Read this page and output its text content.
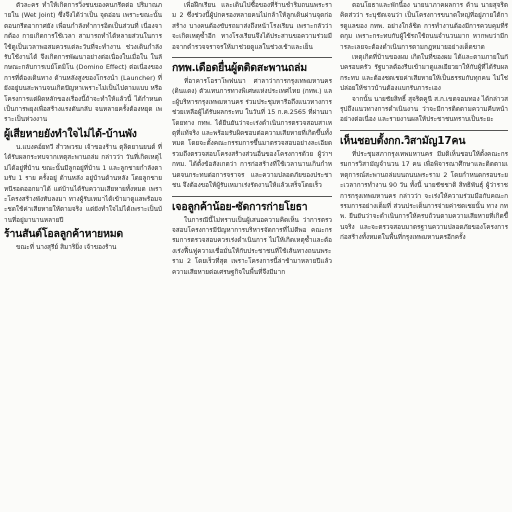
ตัวละคร ทำให้เกิดการวิ่งชนของคนกรีดต่อ ปริมาณภายใน (Wet Joint) ซึ่งจึงได้ว่าเป็น จุดอ่อน เพราะขณะนั้นตอนกรีดอากาศยัง เพื่อนกำลังทำการอิดเป็นส่วนที่ เนื่องจากต้อง กายเกิดการใช้เวลา สามารถทำได้หลายส่วนในการ ใช้ดูเป็นเวลาพอสมควรแต่ละวันที่จะทำงาน ช่วงเดินกำลังรับใช้งานได้ จึงเกิดการพัฒนาอย่างต่อเนื่องในเมื่อใน ในลักษณะกลับการเบย์โดมิโน (Domino Effect) ต่อเนื่องของการที่ต้องเดินทาง ด้านหลังสูงของโกรงนำ (Launcher) ที่ยังอยู่บนสะพานจนเกิดปัญหาเพราะไม่เป็นไปตามแบบ หรือโครงการแต่ผิดหลักของเรื่องนี้ถ้าจะทำให้แล้วนี้ ได้กำหนดเป็นการพยุงเพื่อสร้างแรงดันกลับ จนหลายครั้งต้องหยุด เพราะเป็นห่วงงาน

ผู้เสียหายยังทำใจไม่ได้-บ้านพัง

น.แบงคอ์ยทวี สำวพวรม เจ้าของร้าน ตุลิตยานยนต์ ที่ได้รับผลกระทบจากเหตุสะพานถล่ม กล่าวว่า วันที่เกิดเหตุไม่ได้อยู่ที่บ้าน ขณะนั้นมีลูกอยู่ที่บ้าน 1 และลูกชายกำลังตามรับ 1 ราย ครั้งอยู่ ด้านหลัง อยู่บ้านด้านหลัง โดยลูกชายหนีรอดออกมาได้ แต่บ้านได้รับความเสียหายทั้งหมด เพราะโครงสร้างพังทับลงมา ทางผู้รับเหมาได้เข้ามาดูแลพร้อมจะชดใช้ค่าเสียหายให้ตามจริง แต่ยังทำใจไม่ได้เพราะเป็นบ้านที่อยู่มานานหลายปี

ร้านสันต์โอลลูกค้าหายหมด

ขณะที่ นางสุรีย์ สิมาริยิ่ง เจ้าของร้าน

เพื่อฝึกเรียน และเดินไปซื้อของที่ร้านชำริมถนนพระราม 2 ซึ่งช่วงนี้ผู้ปกครองหลายคนไม่กล้าให้ลูกเดินผ่านจุดก่อสร้าง บางคนต้องขับรถมาส่งถึงหน้าโรงเรียน เพราะกลัวว่าจะเกิดเหตุซ้ำอีก ทางโรงเรียนจึงได้ประสานขอความร่วมมือจากตำรวจจราจรให้มาช่วยดูแลในช่วงเช้าและเย็น

กทพ.เดือดยื่นผู้ตติดสะพานถล่ม

ที่อาคารโอราโพฟนนา ศาลาว่าการกรุงเทพมหานคร (ดินแดง) ตัวแทนการทางพิเศษแห่งประเทศไทย (กทพ.) และผู้บริหารกรุงเทพมหานคร ร่วมประชุมหารือถึงแนวทางการช่วยเหลือผู้ได้รับผลกระทบ ในวันที่ 15 ก.ค.2565 ที่ผ่านมา โดยทาง กทพ. ได้ยืนยันว่าจะเร่งดำเนินการตรวจสอบสาเหตุที่แท้จริง และพร้อมรับผิดชอบต่อความเสียหายที่เกิดขึ้นทั้งหมด โดยจะตั้งคณะกรรมการขึ้นมาตรวจสอบอย่างละเอียด รวมถึงตรวจสอบโครงสร้างส่วนอื่นของโครงการด้วย ผู้ว่าฯ กทม. ได้ตั้งข้อสังเกตว่า การก่อสร้างที่ใช้เวลานานเกินกำหนดจนกระทบต่อการจราจร และความปลอดภัยของประชาชน จึงต้องขอให้ผู้รับเหมาเร่งรัดงานให้แล้วเสร็จโดยเร็ว

เจอลูกค้าน้อย-ซัดการก่ายโยธา

ในการณีนี้ไม่ทราบเป็นผู้เสนอความคิดเห็น ว่าการตรวจสอบโครงการมีปัญหาการบริหารจัดการที่ไม่ดีพอ คณะกรรมการตรวจสอบควรเร่งดำเนินการ ไม่ให้เกิดเหตุซ้ำและต้องเร่งฟื้นฟูความเชื่อมั่นให้กับประชาชนที่ใช้เส้นทางถนนพระราม 2 โดยเร็วที่สุด เพราะโครงการนี้ล่าช้ามาหลายปีแล้ว ความเสียหายต่อเศรษฐกิจในพื้นที่จึงมีมาก

ตอนโยธาและพักนี้อง นายนาภาคผลการ ด้าน นายสุจริตคิดส่วว่า ระบุชัดเจนว่า เป็นโครงการขนาดใหญ่ที่อยู่ภายใต้การดูแลของ กทพ. อย่างใกล้ชิด การทำงานต้องมีการควบคุมที่รัดกุม เพราะกระทบกับผู้ใช้รถใช้ถนนจำนวนมาก หากพบว่ามีการละเลยจะต้องดำเนินการตามกฎหมายอย่างเด็ดขาด

เหตุเกิดที่บ้านของผม เกิดในที่ของผม ได้และตามภายในกับครอบครัว รัฐบาลต้องรีบเข้ามาดูแลเยียวยาให้กับผู้ที่ได้รับผลกระทบ และต้องชดเชยค่าเสียหายให้เป็นธรรมกับทุกคน ไม่ใช่ปล่อยให้ชาวบ้านต้องแบกรับภาระเอง

จากนั้น นายชัยสิทธิ์ สุจริตคูนี ส.ก.เขตจอมทอง ได้กล่าวสรุปถึงแนวทางการดำเนินงาน ว่าจะมีการติดตามความคืบหน้าอย่างต่อเนื่อง และรายงานผลให้ประชาชนทราบเป็นระยะ

เห็นชอบตั้งกก.วิสามัญ17คน

ที่ประชุมสภากรุงเทพมหานคร มีมติเห็นชอบให้ตั้งคณะกรรมการวิสามัญจำนวน 17 คน เพื่อพิจารณาศึกษาและติดตามเหตุการณ์สะพานถล่มบนถนนพระราม 2 โดยกำหนดกรอบระยะเวลาการทำงาน 90 วัน ทั้งนี้ นายชัชชาติ สิทธิพันธุ์ ผู้ว่าราชการกรุงเทพมหานคร กล่าวว่า จะเร่งให้ความร่วมมือกับคณะกรรมการอย่างเต็มที่ ส่วนประเด็นการจ่ายค่าชดเชยนั้น ทาง กทพ. ยืนยันว่าจะดำเนินการให้ครบถ้วนตามความเสียหายที่เกิดขึ้นจริง และจะตรวจสอบมาตรฐานความปลอดภัยของโครงการก่อสร้างทั้งหมดในพื้นที่กรุงเทพมหานครอีกครั้ง
